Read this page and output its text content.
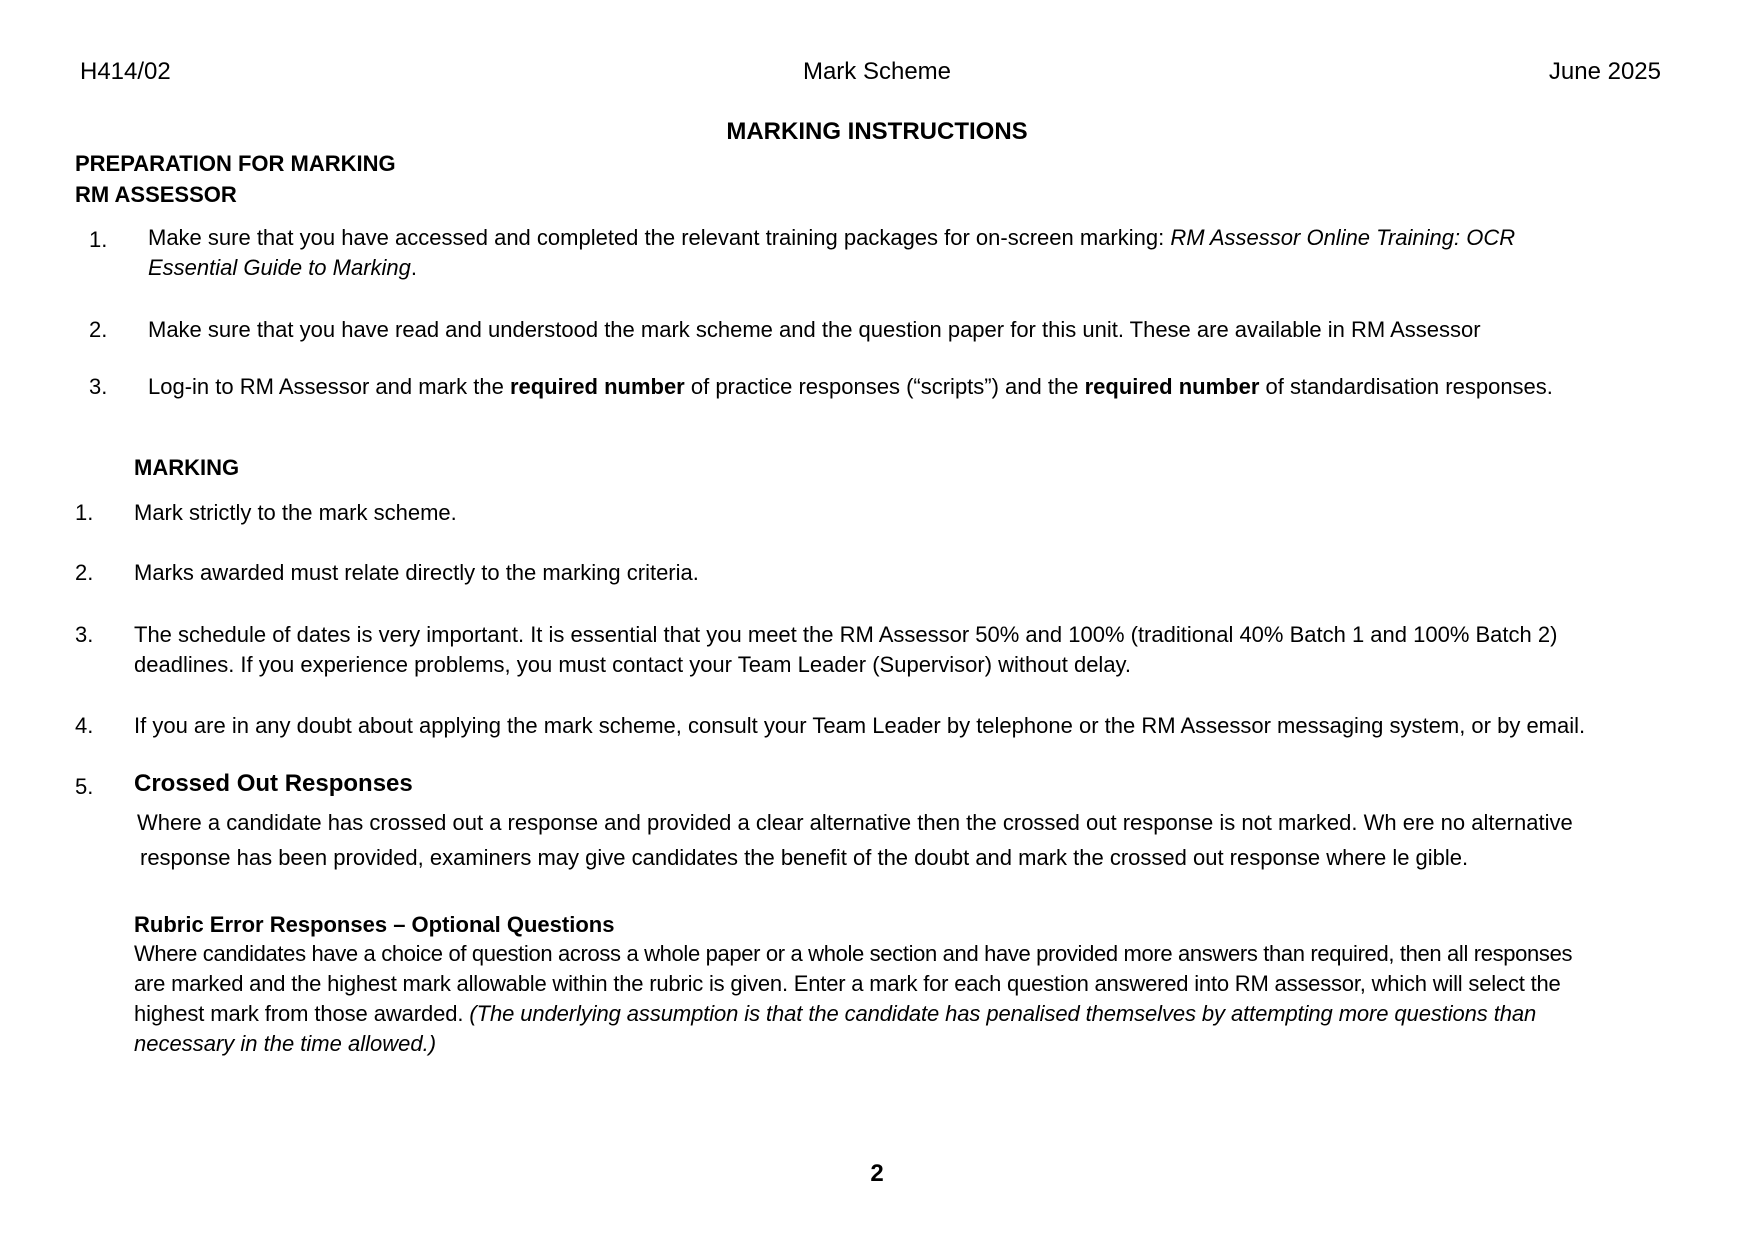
H414/02	Mark Scheme	June 2025
MARKING INSTRUCTIONS
PREPARATION FOR MARKING
RM ASSESSOR
1. Make sure that you have accessed and completed the relevant training packages for on-screen marking: RM Assessor Online Training: OCR
Essential Guide to Marking.
2. Make sure that you have read and understood the mark scheme and the question paper for this unit. These are available in RM Assessor
3. Log-in to RM Assessor and mark the required number of practice responses (“scripts”) and the required number of standardisation responses.
MARKING
1. Mark strictly to the mark scheme.
2. Marks awarded must relate directly to the marking criteria.
3. The schedule of dates is very important. It is essential that you meet the RM Assessor 50% and 100% (traditional 40% Batch 1 and 100% Batch 2)
deadlines. If you experience problems, you must contact your Team Leader (Supervisor) without delay.
4. If you are in any doubt about applying the mark scheme, consult your Team Leader by telephone or the RM Assessor messaging system, or by email.
5. Crossed Out Responses
Where a candidate has crossed out a response and provided a clear alternative then the crossed out response is not marked. Wh ere no alternative
response has been provided, examiners may give candidates the benefit of the doubt and mark the crossed out response where le gible.
Rubric Error Responses – Optional Questions
Where candidates have a choice of question across a whole paper or a whole section and have provided more answers than required, then all responses
are marked and the highest mark allowable within the rubric is given. Enter a mark for each question answered into RM assessor, which will select the
highest mark from those awarded. (The underlying assumption is that the candidate has penalised themselves by attempting more questions than
necessary in the time allowed.)
2
